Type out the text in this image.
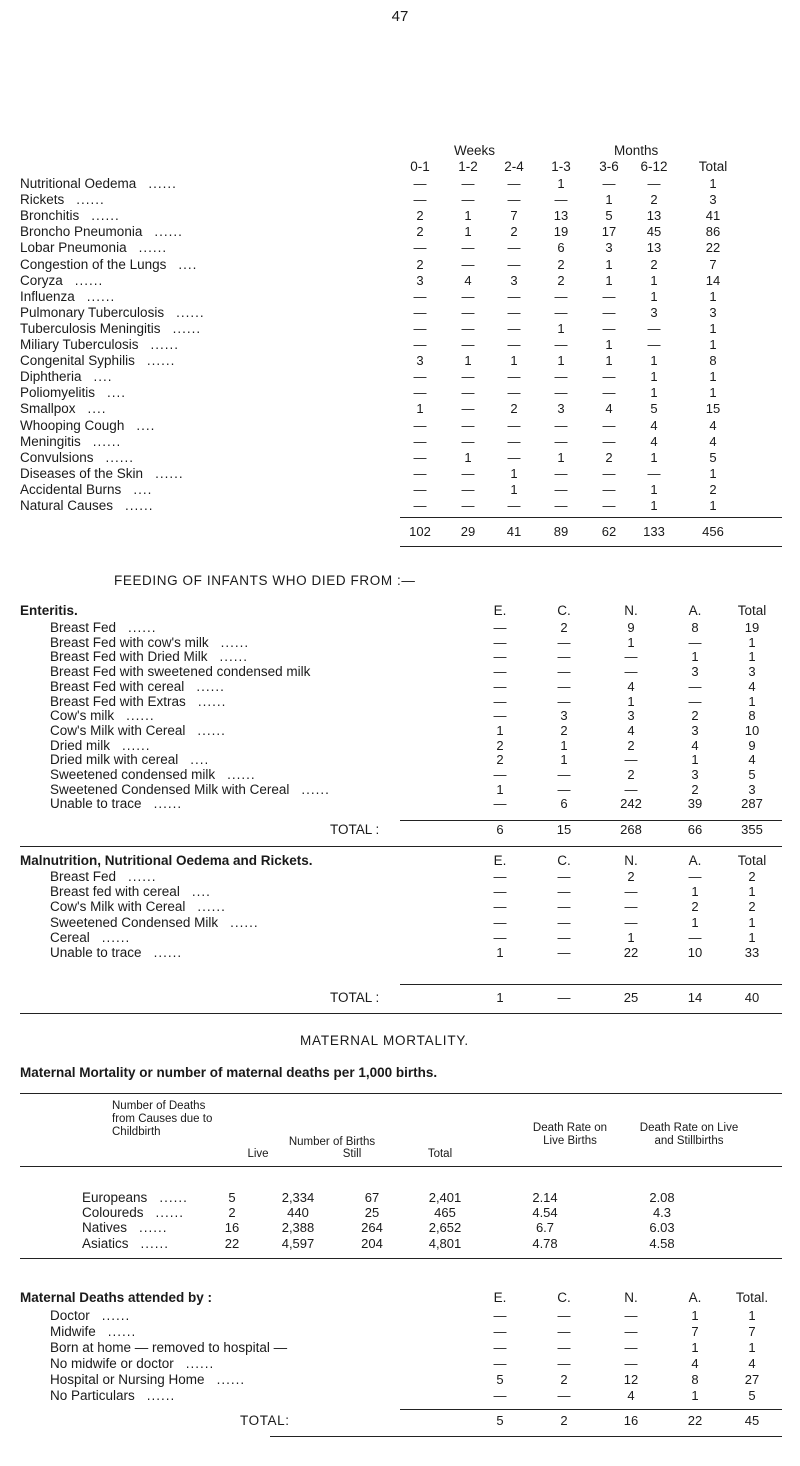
47
Weeks	Months
0-1	1-2	2-4	1-3	3-6	6-12	Total
Nutritional Oedema ......	—	—	—	1	—	—	1
Rickets ......	—	—	—	—	1	2	3
Bronchitis ......	2	1	7	13	5	13	41
Broncho Pneumonia ......	2	1	2	19	17	45	86
Lobar Pneumonia ......	—	—	—	6	3	13	22
Congestion of the Lungs ....	2	—	—	2	1	2	7
Coryza ......	3	4	3	2	1	1	14
Influenza ......	—	—	—	—	—	1	1
Pulmonary Tuberculosis ......	—	—	—	—	—	3	3
Tuberculosis Meningitis ......	—	—	—	1	—	—	1
Miliary Tuberculosis ......	—	—	—	—	1	—	1
Congenital Syphilis ......	3	1	1	1	1	1	8
Diphtheria ....	—	—	—	—	—	1	1
Poliomyelitis ....	—	—	—	—	—	1	1
Smallpox ....	1	—	2	3	4	5	15
Whooping Cough ....	—	—	—	—	—	4	4
Meningitis ......	—	—	—	—	—	4	4
Convulsions ......	—	1	—	1	2	1	5
Diseases of the Skin ......	—	—	1	—	—	—	1
Accidental Burns ....	—	—	1	—	—	1	2
Natural Causes ......	—	—	—	—	—	1	1
102	29	41	89	62	133	456
FEEDING OF INFANTS WHO DIED FROM :—
Enteritis.	E.	C.	N.	A.	Total
Breast Fed ......	—	2	9	8	19
Breast Fed with cow's milk ......	—	—	1	—	1
Breast Fed with Dried Milk ......	—	—	—	1	1
Breast Fed with sweetened condensed milk	—	—	—	3	3
Breast Fed with cereal ......	—	—	4	—	4
Breast Fed with Extras ......	—	—	1	—	1
Cow's milk ......	—	3	3	2	8
Cow's Milk with Cereal ......	1	2	4	3	10
Dried milk ......	2	1	2	4	9
Dried milk with cereal ....	2	1	—	1	4
Sweetened condensed milk ......	—	—	2	3	5
Sweetened Condensed Milk with Cereal ......	1	—	—	2	3
Unable to trace ......	—	6	242	39	287
TOTAL :	6	15	268	66	355
Malnutrition, Nutritional Oedema and Rickets.	E.	C.	N.	A.	Total
Breast Fed ......	—	—	2	—	2
Breast fed with cereal ....	—	—	—	1	1
Cow's Milk with Cereal ......	—	—	—	2	2
Sweetened Condensed Milk ......	—	—	—	1	1
Cereal ......	—	—	1	—	1
Unable to trace ......	1	—	22	10	33
TOTAL :	1	—	25	14	40
MATERNAL MORTALITY.
Maternal Mortality or number of maternal deaths per 1,000 births.
Number of Deaths from Causes due to Childbirth
Number of Births
Live	Still	Total
Death Rate on Live Births
Death Rate on Live and Stillbirths
Europeans ......	5	2,334	67	2,401	2.14	2.08
Coloureds ......	2	440	25	465	4.54	4.3
Natives ......	16	2,388	264	2,652	6.7	6.03
Asiatics ......	22	4,597	204	4,801	4.78	4.58
Maternal Deaths attended by :	E.	C.	N.	A.	Total.
Doctor ......	—	—	—	1	1
Midwife ......	—	—	—	7	7
Born at home — removed to hospital —	—	—	—	1	1
No midwife or doctor ......	—	—	—	4	4
Hospital or Nursing Home ......	5	2	12	8	27
No Particulars ......	—	—	4	1	5
TOTAL:	5	2	16	22	45
